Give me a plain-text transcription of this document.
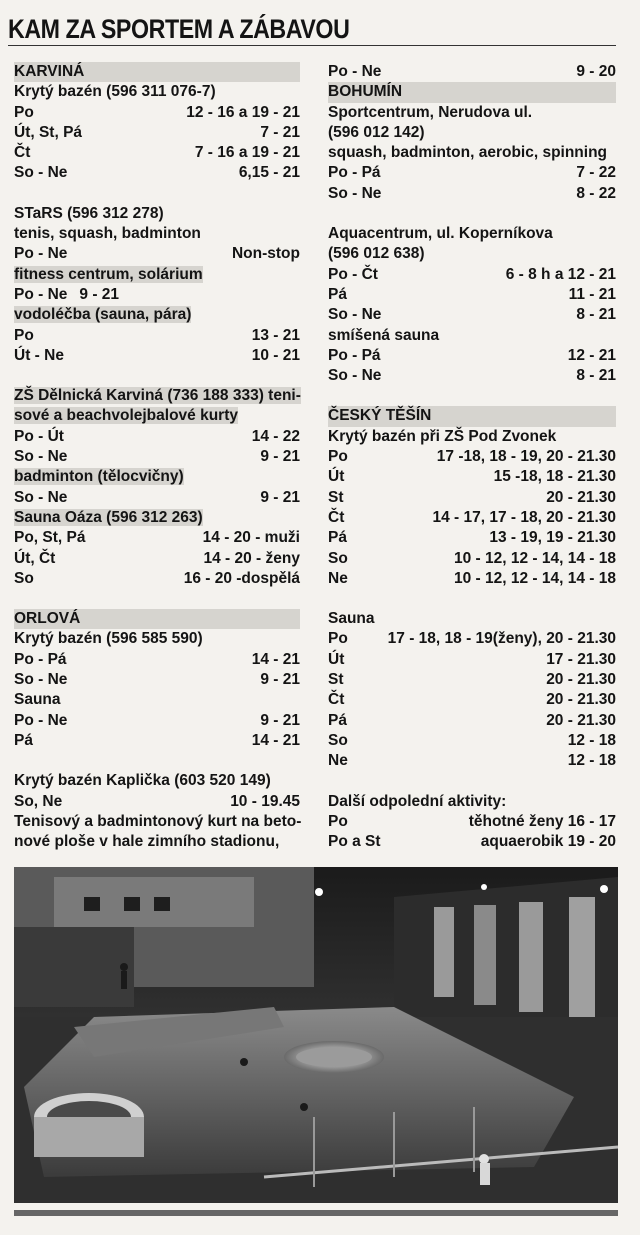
KAM ZA SPORTEM A ZÁBAVOU
KARVINÁ
Krytý bazén (596 311 076-7)
Po	12 - 16 a 19 - 21
Út, St, Pá	7 - 21
Čt	7 - 16 a 19 - 21
So - Ne	6,15 - 21
STaRS (596 312 278)
tenis, squash, badminton
Po - Ne	Non-stop
fitness centrum, solárium
Po - Ne 9 - 21
vodoléčba (sauna, pára)
Po	13 - 21
Út - Ne	10 - 21
ZŠ Dělnická Karviná (736 188 333) teni-
sové a beachvolejbalové kurty
Po - Út	14 - 22
So - Ne	9 - 21
badminton (tělocvičny)
So - Ne	9 - 21
Sauna Oáza (596 312 263)
Po, St, Pá	14 - 20 - muži
Út, Čt	14 - 20 - ženy
So	16 - 20 -dospělá
ORLOVÁ
Krytý bazén (596 585 590)
Po - Pá	14 - 21
So - Ne	9 - 21
Sauna
Po - Ne	9 - 21
Pá	14 - 21
Krytý bazén Kaplička (603 520 149)
So, Ne	10 - 19.45
Tenisový a badmintonový kurt na beto-
nové ploše v hale zimního stadionu,
Po - Ne	9 - 20
BOHUMÍN
Sportcentrum, Nerudova ul.
(596 012 142)
squash, badminton, aerobic, spinning
Po - Pá	7 - 22
So - Ne	8 - 22
Aquacentrum, ul. Koperníkova
(596 012 638)
Po - Čt	6 - 8 h a 12 - 21
Pá	11 - 21
So - Ne	8 - 21
smíšená sauna
Po - Pá	12 - 21
So - Ne	8 - 21
ČESKÝ TĚŠÍN
Krytý bazén při ZŠ Pod Zvonek
Po	17 -18, 18 - 19, 20 - 21.30
Út	15 -18, 18 - 21.30
St	20 - 21.30
Čt	14 - 17, 17 - 18, 20 - 21.30
Pá	13 - 19, 19 - 21.30
So	10 - 12, 12 - 14, 14 - 18
Ne	10 - 12, 12 - 14, 14 - 18
Sauna
Po	17 - 18, 18 - 19(ženy), 20 - 21.30
Út	17 - 21.30
St	20 - 21.30
Čt	20 - 21.30
Pá	20 - 21.30
So	12 - 18
Ne	12 - 18
Další odpolední aktivity:
Po	těhotné ženy 16 - 17
Po a St	aquaerobik 19 - 20
